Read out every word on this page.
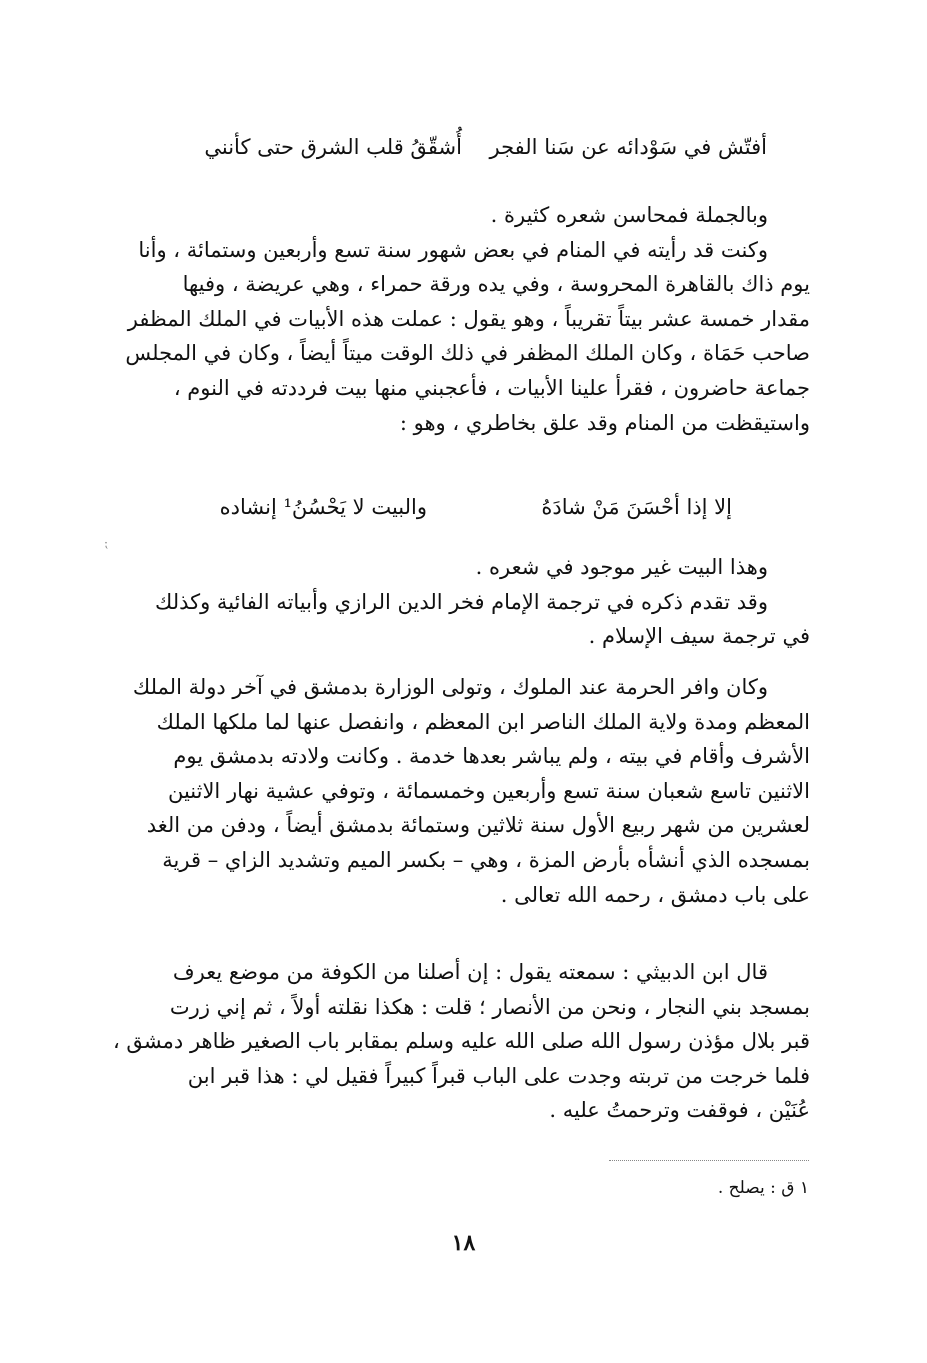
أفتّش في سَوْدائه عن سَنا الفجر
أُشقّقُ قلب الشرق حتى كأنني
وبالجملة فمحاسن شعره كثيرة .
وكنت قد رأيته في المنام في بعض شهور سنة تسع وأربعين وستمائة ، وأنا
يوم ذاك بالقاهرة المحروسة ، وفي يده ورقة حمراء ، وهي عريضة ، وفيها
مقدار خمسة عشر بيتاً تقريباً ، وهو يقول : عملت هذه الأبيات في الملك المظفر
صاحب حَمَاة ، وكان الملك المظفر في ذلك الوقت ميتاً أيضاً ، وكان في المجلس
جماعة حاضرون ، فقرأ علينا الأبيات ، فأعجبني منها بيت فرددته في النوم ،
واستيقظت من المنام وقد علق بخاطري ، وهو :
إلا إذا أحْسَنَ مَنْ شادَهُ
والبيت لا يَحْسُنُ¹ إنشاده
⁏
وهذا البيت غير موجود في شعره .
وقد تقدم ذكره في ترجمة الإمام فخر الدين الرازي وأبياته الفائية وكذلك
في ترجمة سيف الإسلام .
وكان وافر الحرمة عند الملوك ، وتولى الوزارة بدمشق في آخر دولة الملك
المعظم ومدة ولاية الملك الناصر ابن المعظم ، وانفصل عنها لما ملكها الملك
الأشرف وأقام في بيته ، ولم يباشر بعدها خدمة . وكانت ولادته بدمشق يوم
الاثنين تاسع شعبان سنة تسع وأربعين وخمسمائة ، وتوفي عشية نهار الاثنين
لعشرين من شهر ربيع الأول سنة ثلاثين وستمائة بدمشق أيضاً ، ودفن من الغد
بمسجده الذي أنشأه بأرض المزة ، وهي – بكسر الميم وتشديد الزاي – قرية
على باب دمشق ، رحمه الله تعالى .
قال ابن الدبيثي : سمعته يقول : إن أصلنا من الكوفة من موضع يعرف
بمسجد بني النجار ، ونحن من الأنصار ؛ قلت : هكذا نقلته أولاً ، ثم إني زرت
قبر بلال مؤذن رسول الله صلى الله عليه وسلم بمقابر باب الصغير ظاهر دمشق ،
فلما خرجت من تربته وجدت على الباب قبراً كبيراً فقيل لي : هذا قبر ابن
عُنَيْن ، فوقفت وترحمتُ عليه .
١ ق : يصلح .
١٨
